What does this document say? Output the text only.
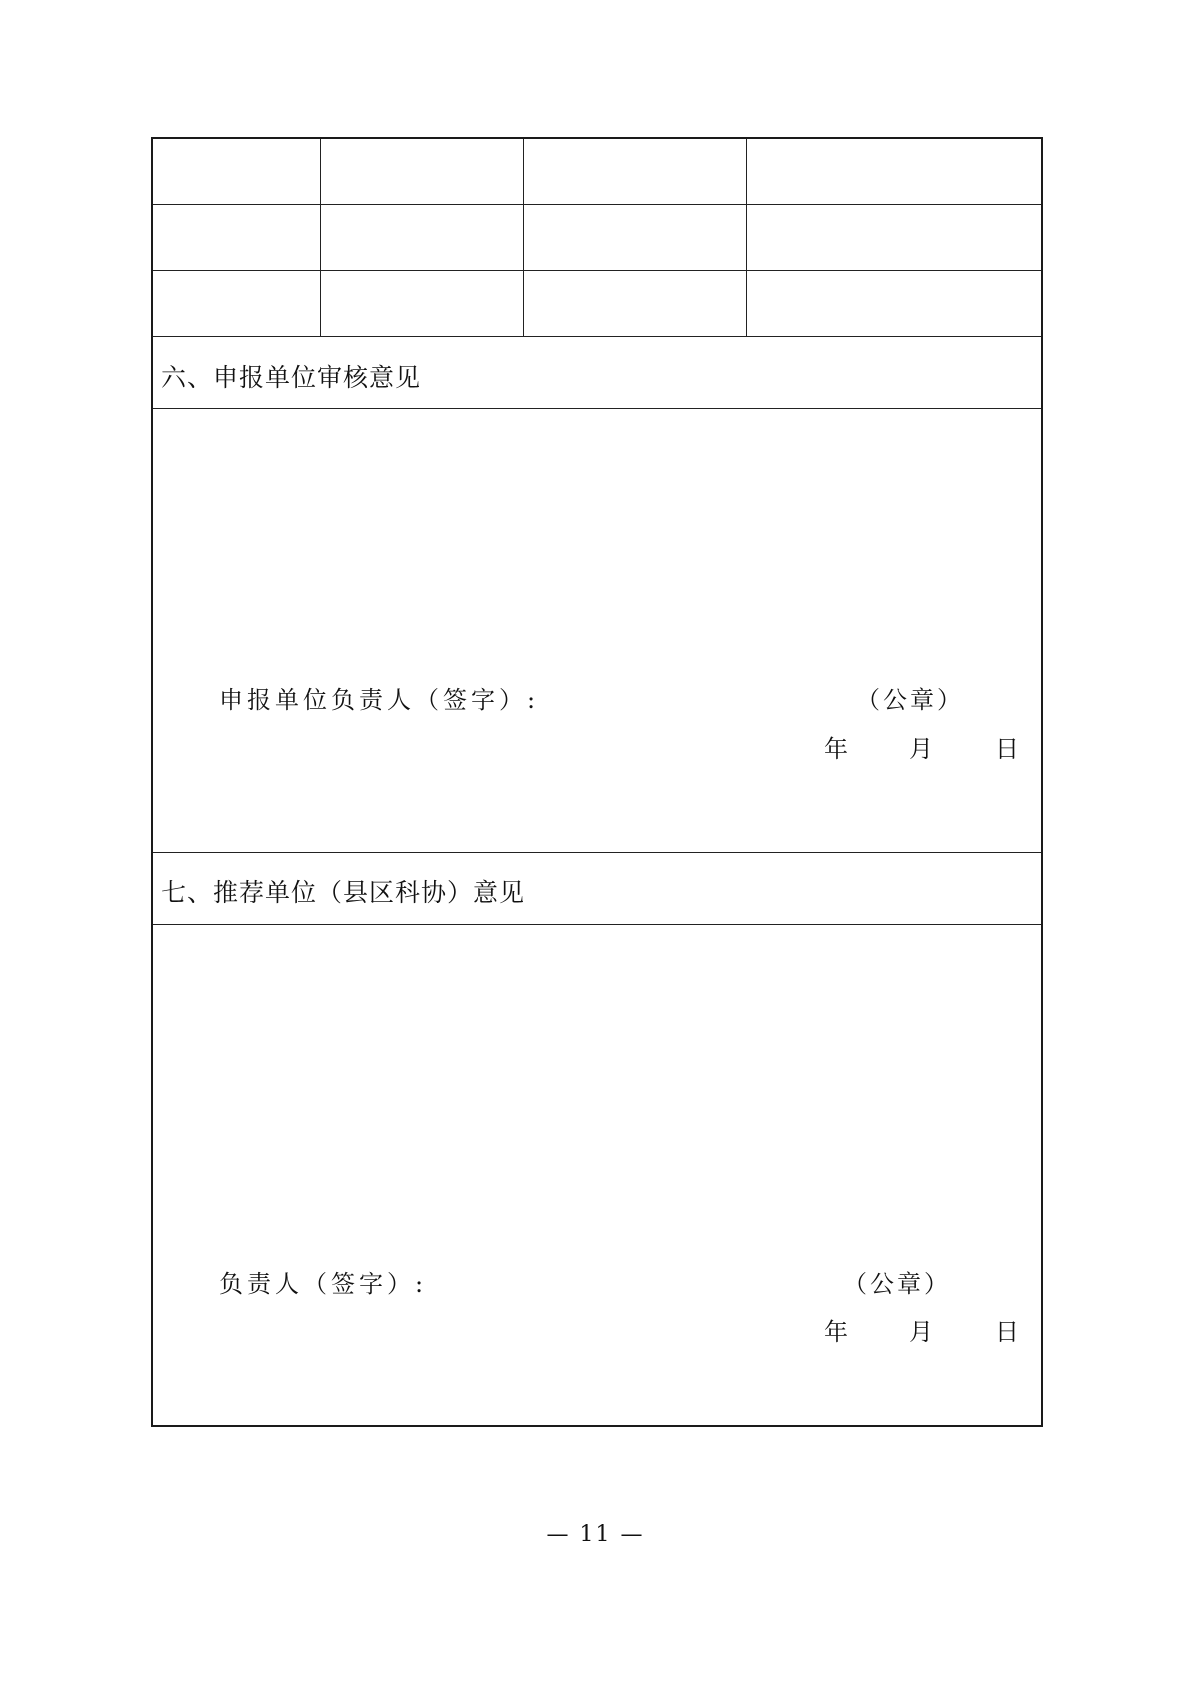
六、申报单位审核意见
申报单位负责人（签字）:	（公章）
年	月	日
七、推荐单位（县区科协）意见
负责人（签字）:	（公章）
年	月	日
— 11 —
